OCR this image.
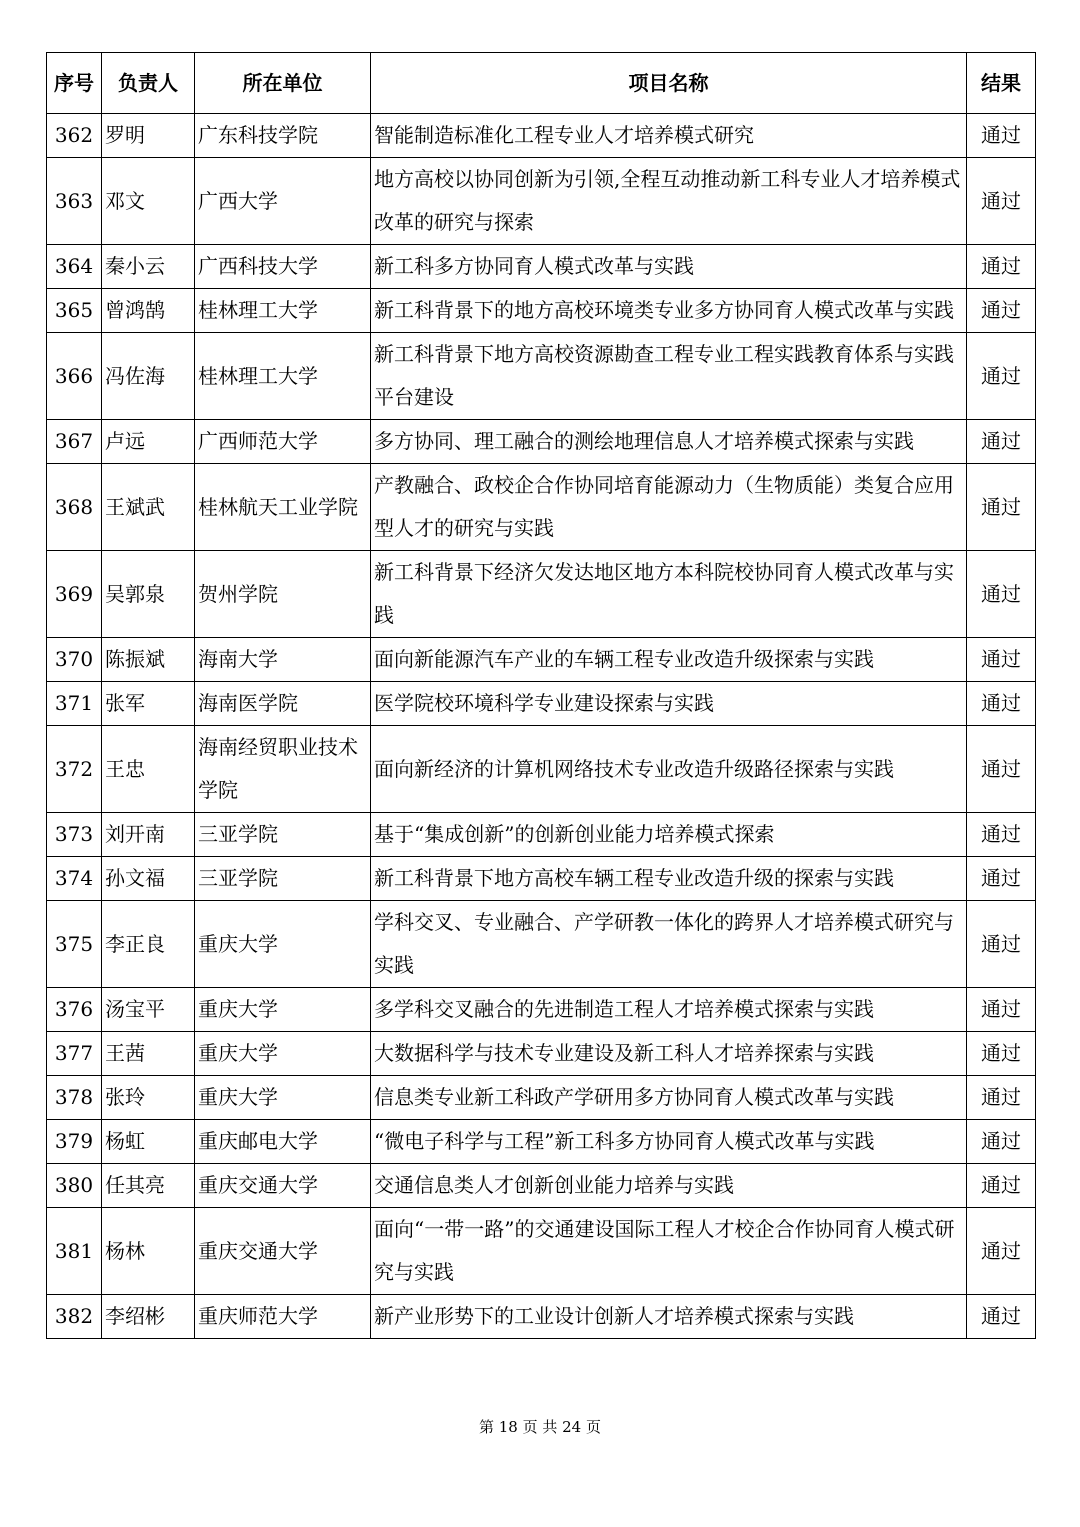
序号	负责人	所在单位	项目名称	结果
362	罗明	广东科技学院	智能制造标准化工程专业人才培养模式研究	通过
363	邓文	广西大学	地方高校以协同创新为引领,全程互动推动新工科专业人才培养模式改革的研究与探索	通过
364	秦小云	广西科技大学	新工科多方协同育人模式改革与实践	通过
365	曾鸿鹄	桂林理工大学	新工科背景下的地方高校环境类专业多方协同育人模式改革与实践	通过
366	冯佐海	桂林理工大学	新工科背景下地方高校资源勘查工程专业工程实践教育体系与实践平台建设	通过
367	卢远	广西师范大学	多方协同、理工融合的测绘地理信息人才培养模式探索与实践	通过
368	王斌武	桂林航天工业学院	产教融合、政校企合作协同培育能源动力（生物质能）类复合应用型人才的研究与实践	通过
369	吴郭泉	贺州学院	新工科背景下经济欠发达地区地方本科院校协同育人模式改革与实践	通过
370	陈振斌	海南大学	面向新能源汽车产业的车辆工程专业改造升级探索与实践	通过
371	张军	海南医学院	医学院校环境科学专业建设探索与实践	通过
372	王忠	海南经贸职业技术学院	面向新经济的计算机网络技术专业改造升级路径探索与实践	通过
373	刘开南	三亚学院	基于“集成创新”的创新创业能力培养模式探索	通过
374	孙文福	三亚学院	新工科背景下地方高校车辆工程专业改造升级的探索与实践	通过
375	李正良	重庆大学	学科交叉、专业融合、产学研教一体化的跨界人才培养模式研究与实践	通过
376	汤宝平	重庆大学	多学科交叉融合的先进制造工程人才培养模式探索与实践	通过
377	王茜	重庆大学	大数据科学与技术专业建设及新工科人才培养探索与实践	通过
378	张玲	重庆大学	信息类专业新工科政产学研用多方协同育人模式改革与实践	通过
379	杨虹	重庆邮电大学	“微电子科学与工程”新工科多方协同育人模式改革与实践	通过
380	任其亮	重庆交通大学	交通信息类人才创新创业能力培养与实践	通过
381	杨林	重庆交通大学	面向“一带一路”的交通建设国际工程人才校企合作协同育人模式研究与实践	通过
382	李绍彬	重庆师范大学	新产业形势下的工业设计创新人才培养模式探索与实践	通过
第 18 页 共 24 页
